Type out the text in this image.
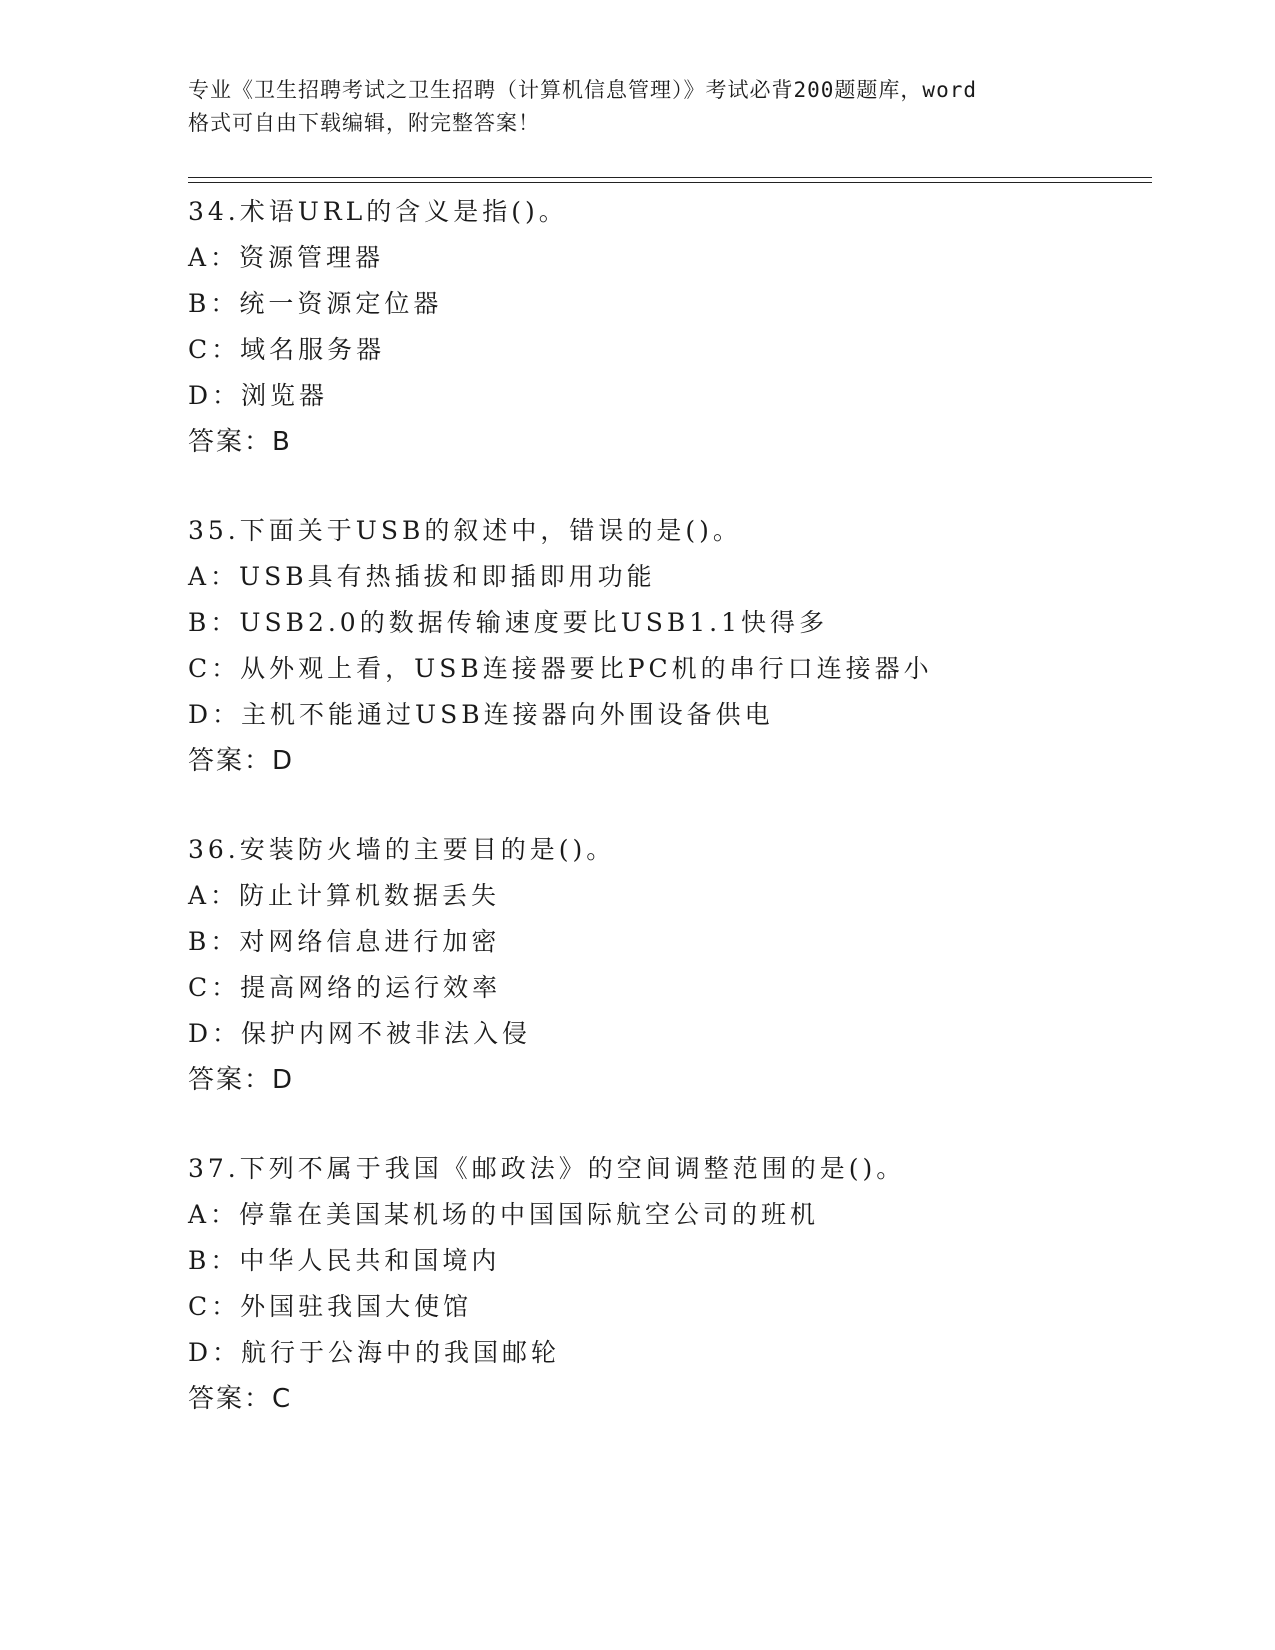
专业《卫生招聘考试之卫生招聘（计算机信息管理）》考试必背200题题库，word

格式可自由下载编辑，附完整答案！

34.术语URL的含义是指()。
A：资源管理器
B：统一资源定位器
C：域名服务器
D：浏览器
答案：B
35.下面关于USB的叙述中，错误的是()。
A：USB具有热插拔和即插即用功能
B：USB2.0的数据传输速度要比USB1.1快得多
C：从外观上看，USB连接器要比PC机的串行口连接器小
D：主机不能通过USB连接器向外围设备供电
答案：D
36.安装防火墙的主要目的是()。
A：防止计算机数据丢失
B：对网络信息进行加密
C：提高网络的运行效率
D：保护内网不被非法入侵
答案：D
37.下列不属于我国《邮政法》的空间调整范围的是()。
A：停靠在美国某机场的中国国际航空公司的班机
B：中华人民共和国境内
C：外国驻我国大使馆
D：航行于公海中的我国邮轮
答案：C
